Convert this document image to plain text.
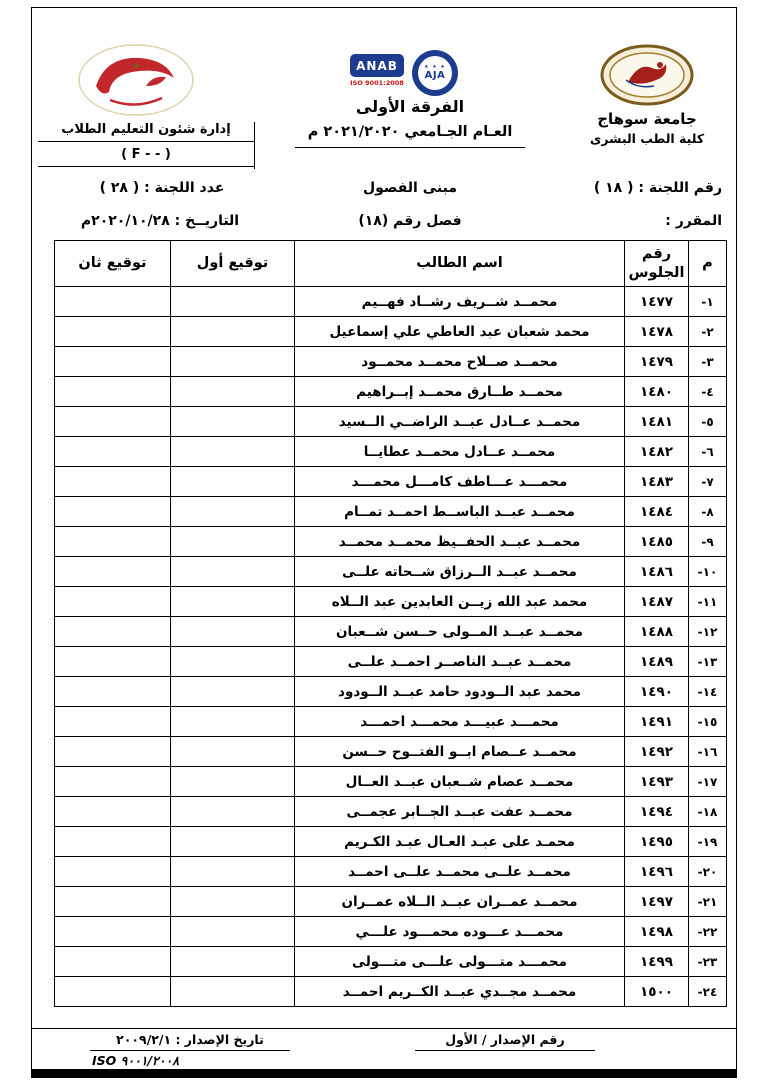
جامعة سوهاج
كلية الطب البشرى
ANAB
ISO 9001:2008
★ ★ ★
AJA
الفرقة الأولى
العـام الجـامعي ٢٠٢١/٢٠٢٠ م
إدارة شئون التعليم الطلاب
( F - - )
رقم اللجنة : ( ١٨ )
مبنى الفصول
عدد اللجنة : ( ٢٨ )
المقرر :
فصل رقم (١٨)
التاريــخ : ٢٠٢٠/١٠/٢٨م
م	رقم الجلوس	اسم الطالب	توقيع أول	توقيع ثان
١-	١٤٧٧	محمــد شــريف رشــاد فهــيم		
٢-	١٤٧٨	محمد شعبان عبد العاطي علي إسماعيل		
٣-	١٤٧٩	محمــد صــلاح محمــد محمــود		
٤-	١٤٨٠	محمــد طــارق محمــد إبــراهيم		
٥-	١٤٨١	محمــد عــادل عبــد الراضــي الــسيد		
٦-	١٤٨٢	محمــد عــادل محمــد عطايــا		
٧-	١٤٨٣	محمـــد عـــاطف كامـــل محمـــد		
٨-	١٤٨٤	محمــد عبــد الباســط احمــد تمــام		
٩-	١٤٨٥	محمــد عبــد الحفــيظ محمــد محمــد		
١٠-	١٤٨٦	محمــد عبــد الــرزاق شــحاته علــى		
١١-	١٤٨٧	محمد عبد الله زيــن العابدين عبد الــلاه		
١٢-	١٤٨٨	محمــد عبــد المــولى حــسن شــعبان		
١٣-	١٤٨٩	محمــد عبــد الناصــر احمــد علــى		
١٤-	١٤٩٠	محمد عبد الــودود حامد عبــد الــودود		
١٥-	١٤٩١	محمـــد عبيـــد محمـــد احمـــد		
١٦-	١٤٩٢	محمــد عــصام ابــو الفتــوح حــسن		
١٧-	١٤٩٣	محمــد عصام شــعبان عبــد العــال		
١٨-	١٤٩٤	محمــد عفت عبــد الجــابر عجمــى		
١٩-	١٤٩٥	محمـد على عبـد العـال عبـد الكـريم		
٢٠-	١٤٩٦	محمــد علــى محمــد علــى احمــد		
٢١-	١٤٩٧	محمــد عمــران عبــد الــلاه عمــران		
٢٢-	١٤٩٨	محمـــد عـــوده محمـــود علـــي		
٢٣-	١٤٩٩	محمـــد متـــولى علـــى متـــولى		
٢٤-	١٥٠٠	محمــد مجــدي عبــد الكــريم احمــد		
رقم الإصدار / الأول
تاريخ الإصدار : ٢٠٠٩/٢/١
ISO ٩٠٠١/٢٠٠٨
